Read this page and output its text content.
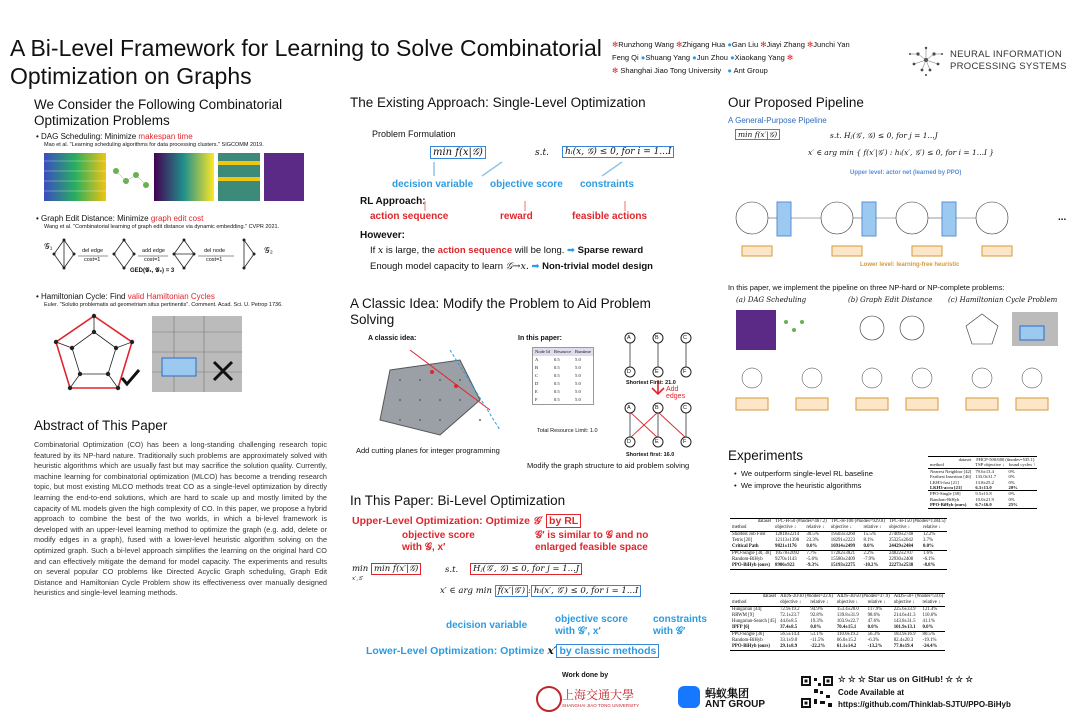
A Bi-Level Framework for Learning to Solve Combinatorial
Optimization on Graphs
✻Runzhong Wang ✻Zhigang Hua ●Gan Liu ✻Jiayi Zhang ✻Junchi Yan
Feng Qi ●Shuang Yang ●Jun Zhou ●Xiaokang Yang ✻
✻ Shanghai Jiao Tong University ● Ant Group
NEURAL INFORMATION
PROCESSING SYSTEMS
We Consider the Following Combinatorial Optimization Problems
• DAG Scheduling: Minimize makespan time
Mao et al. "Learning scheduling algorithms for data processing clusters." SIGCOMM 2019.
• Graph Edit Distance: Minimize graph edit cost
Wang et al. "Combinatorial learning of graph edit distance via dynamic embedding." CVPR 2021.
𝒢₁	𝒢₂
del edge
cost=1
add edge
cost=1
del node
cost=1
GED(𝒢₁, 𝒢₂) = 3
• Hamiltonian Cycle: Find valid Hamiltonian Cycles
Euler. "Solutio problematis ad geometriam situs pertinentis". Comment. Acad. Sci. U. Petrop 1736.
Abstract of This Paper
Combinatorial Optimization (CO) has been a long-standing challenging research topic featured by its NP-hard nature. Traditionally such problems are approximately solved with heuristic algorithms which are usually fast but may sacrifice the solution quality. Currently, machine learning for combinatorial optimization (MLCO) has become a trending research topic, but most existing MLCO methods treat CO as a single-level optimization by directly learning the end-to-end solutions, which are hard to scale up and mostly limited by the capacity of ML models given the high complexity of CO. In this paper, we propose a hybrid approach to combine the best of the two worlds, in which a bi-level framework is developed with an upper-level learning method to optimize the graph (e.g. add, delete or modify edges in a graph), fused with a lower-level heuristic algorithm solving on the optimized graph. Such a bi-level approach simplifies the learning on the original hard CO and can effectively mitigate the demand for model capacity. The experiments and results on several popular CO problems like Directed Acyclic Graph scheduling, Graph Edit Distance and Hamiltonian Cycle Problem show its effectiveness over manually designed heuristics and single-level learning methods.
The Existing Approach: Single-Level Optimization
Problem Formulation
min f(x|𝒢)	s.t.	hᵢ(x, 𝒢) ≤ 0, for i = 1...I
decision variable objective score constraints
RL Approach:
action sequence	reward	feasible actions
However:
If x is large, the action sequence will be long. ➡ Sparse reward
Enough model capacity to learn 𝒢→x. ➡ Non-trivial model design
A Classic Idea: Modify the Problem to Aid Problem Solving
A classic idea:	In this paper:
Node Id	Resource	Runtime
A	0.5	5.0
B	0.5	5.0
C	0.5	5.0
D	0.5	5.0
E	0.5	5.0
F	0.5	5.0
Total Resource Limit: 1.0
A	B	C
D	E	F
A	B	C
D	E	F
Shortest First: 21.0
Add edges
Shortest first: 16.0
Add cutting planes for integer programming
Modify the graph structure to aid problem solving
In This Paper: Bi-Level Optimization
Upper-Level Optimization: Optimize 𝒢′ by RL
objective score
with 𝒢, x′
𝒢′ is similar to 𝒢 and no
enlarged feasible space
min min f(x′|𝒢)
x′,𝒢′
s.t.	Hⱼ(𝒢′, 𝒢) ≤ 0, for j = 1...J
x′ ∈ arg min f(x′|𝒢′) : hᵢ(x′, 𝒢′) ≤ 0, for i = 1...I
decision variable
objective score
with 𝒢′, x′
constraints
with 𝒢′
Lower-Level Optimization: Optimize x′ by classic methods
Work done by
上海交通大學
SHANGHAI JIAO TONG UNIVERSITY
蚂蚁集团
ANT GROUP
Our Proposed Pipeline
A General-Purpose Pipeline
min f(x′|𝒢)	s.t. Hⱼ(𝒢′, 𝒢) ≤ 0, for j = 1...J
x′ ∈ arg min { f(x′|𝒢′) : hᵢ(x′, 𝒢′) ≤ 0, for i = 1...I }
Upper level: actor net (learned by PPO)
...
Lower level: learning-free heuristic
In this paper, we implement the pipeline on three NP-hard or NP-complete problems:
(a) DAG Scheduling	(b) Graph Edit Distance (c) Hamiltonian Cycle Problem
Experiments
•  We outperform single-level RL baseline
•  We improve the heuristic algorithms
dataset	FHCP-500/600 (#nodes=535.1)	
method	TSP objective ↓	found cycles ↑
Nearest Neighbor [42]	79.6±13.4	0%
Farthest Insertion [46]	133.0±31.7	0%
LKH3-fast [21]	13.8±25.2	0%
LKH3-accu [21]	6.3±13.0	20%
PPO-Single [38]	9.5±15.8	0%
Random-BiHyb	10.0±21.9	0%
PPO-BiHyb (ours)	6.7±16.0	25%
dataset	TPC-H-50 (#nodes=467.2)		TPC-H-100 (#nodes=929.8)		TPC-H-150 (#nodes=1384.5)	
method	objective ↓	relative ↓	objective ↓	relative ↓	objective ↓	relative ↓
Shortest Job First	12818±2214	30.5%	19503±3260	15.5%	27409±2748	12.2%
Tetris [20]	12113±1398	23.3%	18291±2223	8.1%	25325±2642	3.7%
Critical Path	9821±1176	0.0%	16914±2499	0.0%	24429±2484	0.0%
PPO-Single [30, 38]	10578±2092	7.7%	17282±3821	2.2%	24822±2707	1.6%
Random-BiHyb	9270±1143	-5.6%	15580±2409	-7.9%	22930±2408	-6.1%
PPO-BiHyb (ours)	8906±922	-9.3%	15193±2275	-10.2%	22273±2538	-8.8%
dataset	AIDS-20/30 (#nodes=22.6)		AIDS-30/50 (#nodes=37.9)		AIDS-50+ (#nodes=59.6)	
method	objective ↓	relative ↓	objective ↓	relative ↓	objective ↓	relative ↓
Hungarian [44]	72.9±19.2	94.9%	153.4±28.0	117.9%	225.6±33.9	121.4%
RRWM [9]	72.1±23.7	92.8%	139.8±31.9	98.6%	214.6±41.3	110.6%
Hungarian-Search [45]	44.6±8.5	19.3%	103.9±22.7	47.6%	143.8±31.5	41.1%
IPFP [6]	37.4±8.5	0.0%	70.4±15.1	0.0%	101.9±13.1	0.0%
PPO-Single [36]	56.5±14.4	51.1%	110.0±19.2	56.3%	183.9±16.9	80.5%
Random-BiHyb	33.1±9.0	-11.5%	66.0±15.2	-6.3%	82.4±20.3	-19.1%
PPO-BiHyb (ours)	29.1±8.9	-22.2%	61.1±14.2	-13.2%	77.0±19.4	-24.4%
☆ ☆ ☆ Star us on GitHub! ☆ ☆ ☆
Code Available at
https://github.com/Thinklab-SJTU/PPO-BiHyb
